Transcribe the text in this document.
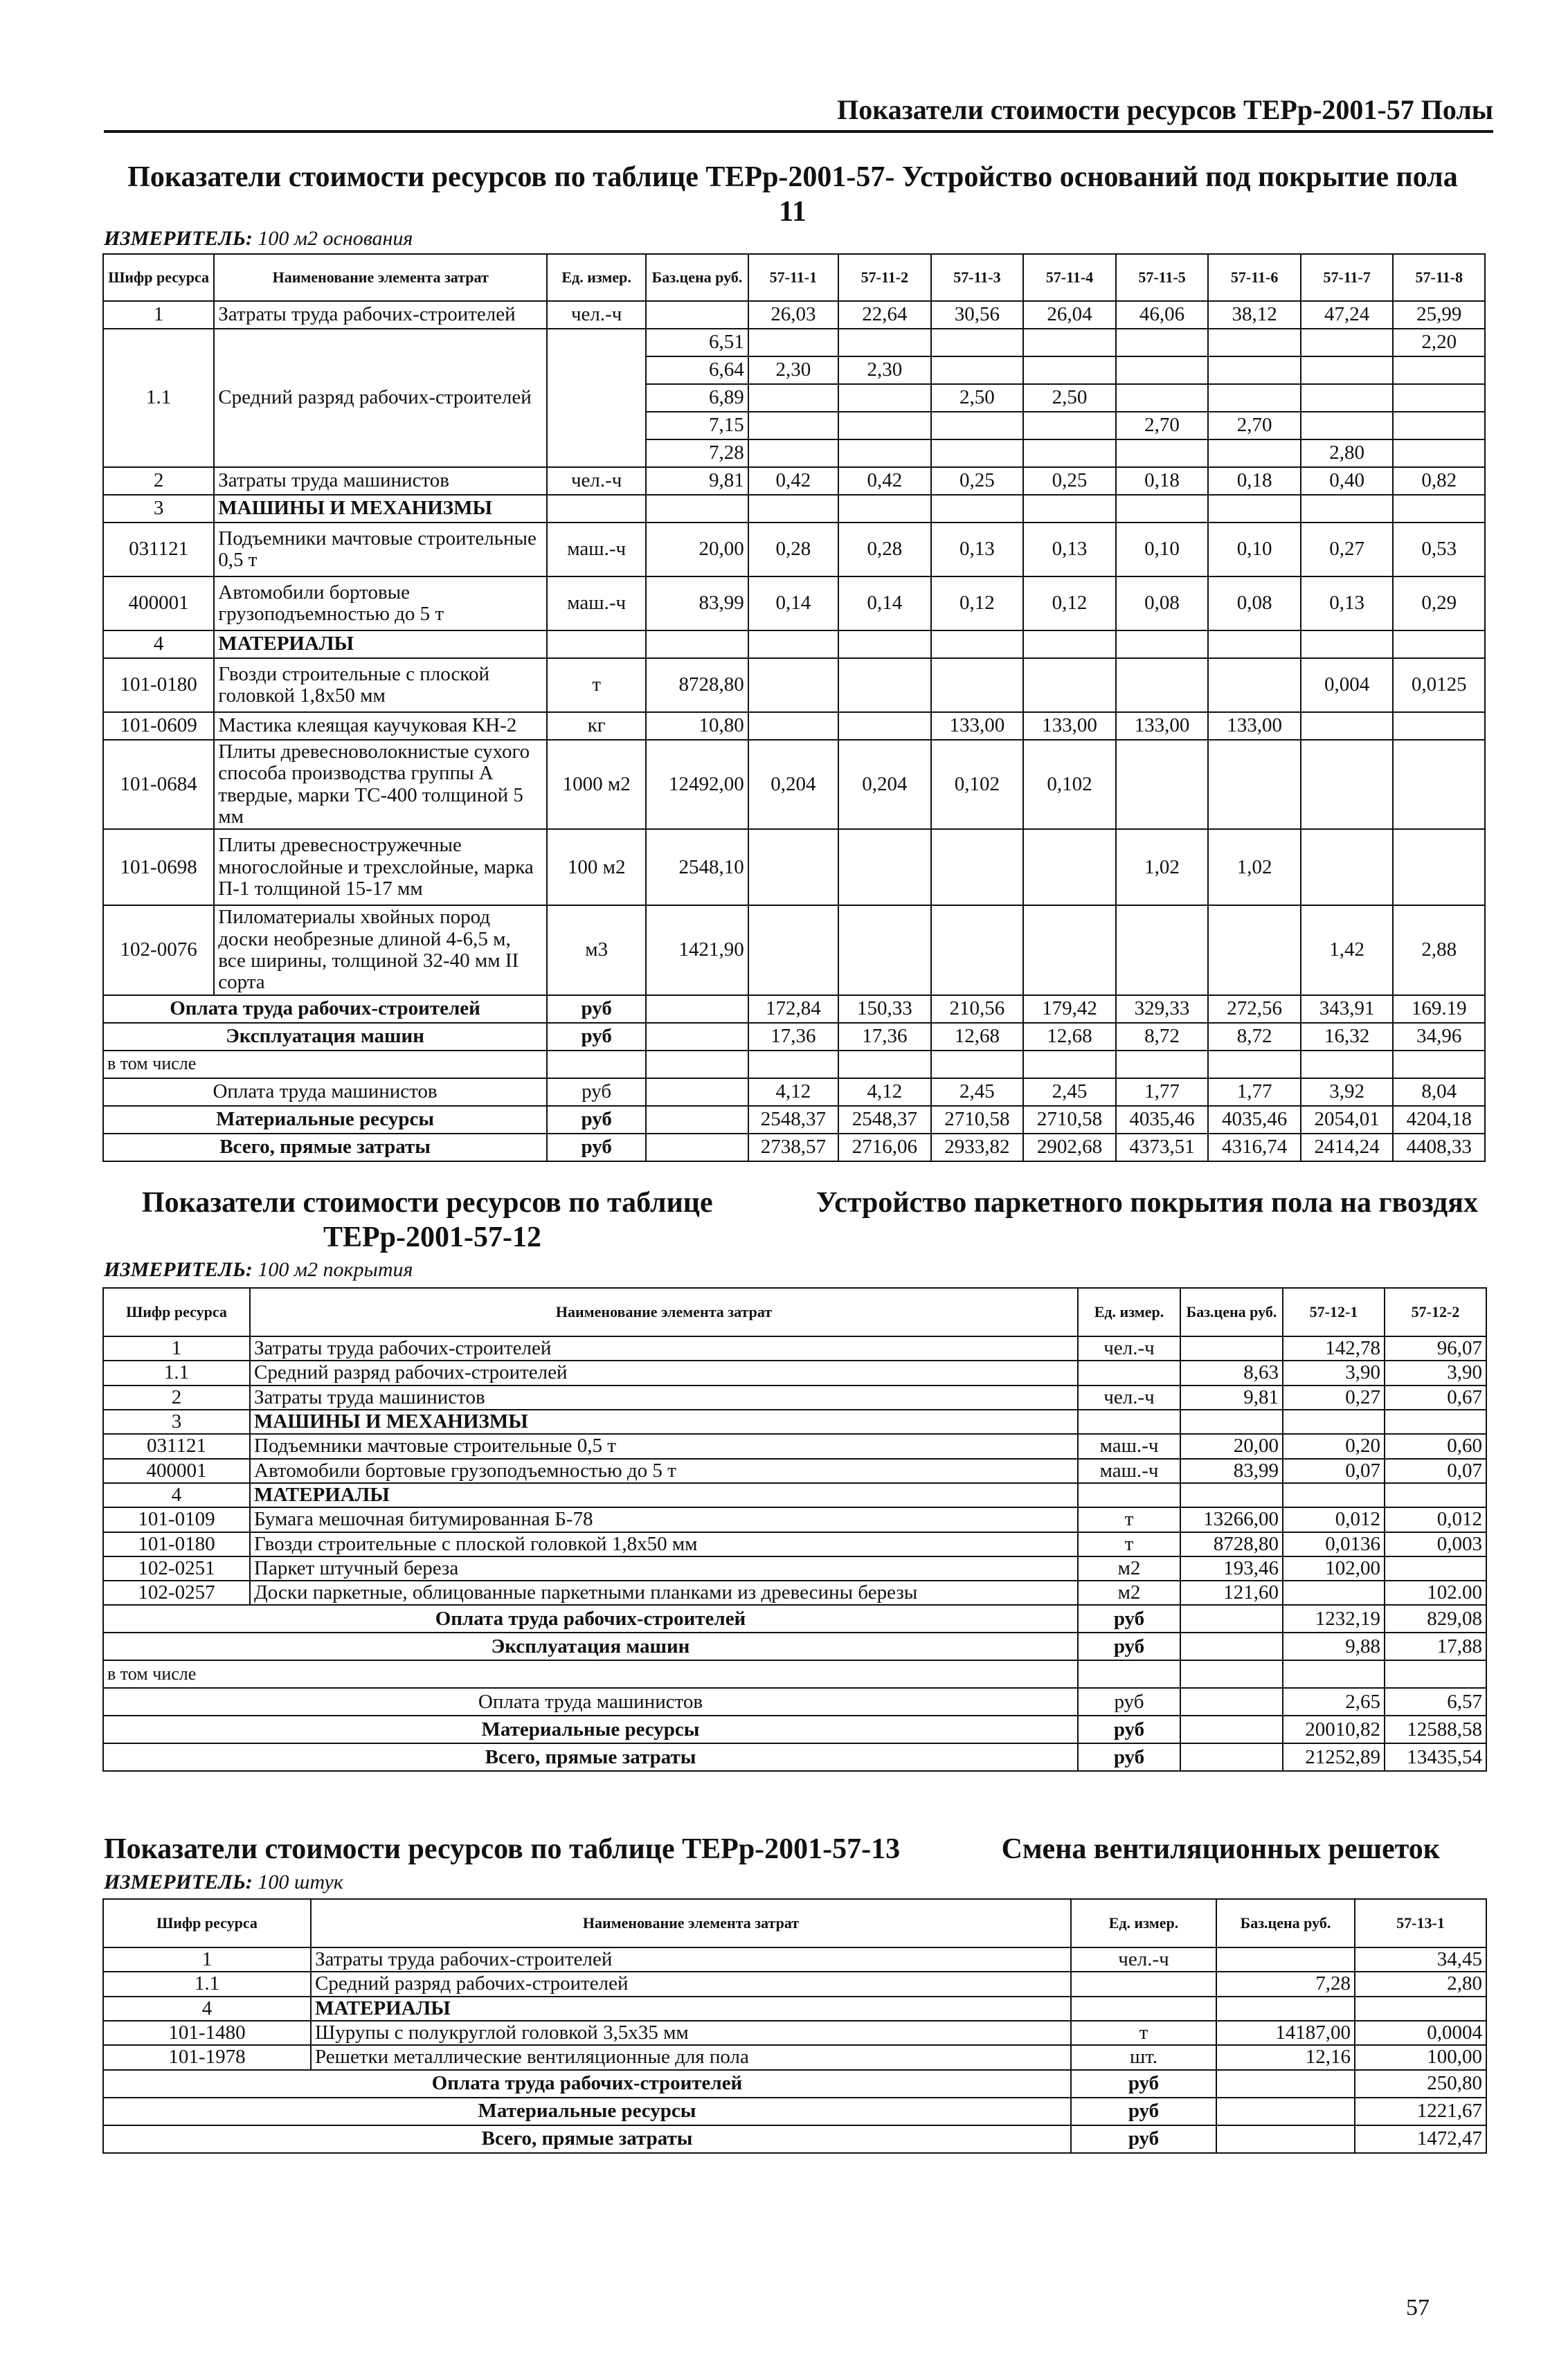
Показатели стоимости ресурсов ТЕРр-2001-57 Полы
Показатели стоимости ресурсов по таблице ТЕРр-2001-57- Устройство оснований под покрытие пола
11
ИЗМЕРИТЕЛЬ: 100 м2 основания
Шифр ресурса	Наименование элемента затрат	Ед. измер.	Баз.цена руб.	57-11-1	57-11-2	57-11-3	57-11-4	57-11-5	57-11-6	57-11-7	57-11-8
1	Затраты труда рабочих-строителей	чел.-ч		26,03	22,64	30,56	26,04	46,06	38,12	47,24	25,99
1.1	Средний разряд рабочих-строителей		6,51								2,20
			6,64	2,30	2,30						
			6,89			2,50	2,50				
			7,15					2,70	2,70		
			7,28							2,80	
2	Затраты труда машинистов	чел.-ч	9,81	0,42	0,42	0,25	0,25	0,18	0,18	0,40	0,82
3	МАШИНЫ И МЕХАНИЗМЫ										
031121	Подъемники мачтовые строительные 0,5 т	маш.-ч	20,00	0,28	0,28	0,13	0,13	0,10	0,10	0,27	0,53
400001	Автомобили бортовые грузоподъемностью до 5 т	маш.-ч	83,99	0,14	0,14	0,12	0,12	0,08	0,08	0,13	0,29
4	МАТЕРИАЛЫ										
101-0180	Гвозди строительные с плоской головкой 1,8х50 мм	т	8728,80							0,004	0,0125
101-0609	Мастика клеящая каучуковая КН-2	кг	10,80			133,00	133,00	133,00	133,00		
101-0684	Плиты древесноволокнистые сухого способа производства группы А твердые, марки ТС-400 толщиной 5 мм	1000 м2	12492,00	0,204	0,204	0,102	0,102				
101-0698	Плиты древесностружечные многослойные и трехслойные, марка П-1 толщиной 15-17 мм	100 м2	2548,10					1,02	1,02		
102-0076	Пиломатериалы хвойных пород доски необрезные длиной 4-6,5 м, все ширины, толщиной 32-40 мм II сорта	м3	1421,90							1,42	2,88
Оплата труда рабочих-строителей		руб		172,84	150,33	210,56	179,42	329,33	272,56	343,91	169.19
Эксплуатация машин		руб		17,36	17,36	12,68	12,68	8,72	8,72	16,32	34,96
в том числе											
Оплата труда машинистов		руб		4,12	4,12	2,45	2,45	1,77	1,77	3,92	8,04
Материальные ресурсы		руб		2548,37	2548,37	2710,58	2710,58	4035,46	4035,46	2054,01	4204,18
Всего, прямые затраты		руб		2738,57	2716,06	2933,82	2902,68	4373,51	4316,74	2414,24	4408,33
Показатели стоимости ресурсов по таблице	Устройство паркетного покрытия пола на гвоздях
ТЕРр-2001-57-12
ИЗМЕРИТЕЛЬ: 100 м2 покрытия
Шифр ресурса	Наименование элемента затрат	Ед. измер.	Баз.цена руб.	57-12-1	57-12-2
1	Затраты труда рабочих-строителей	чел.-ч		142,78	96,07
1.1	Средний разряд рабочих-строителей		8,63	3,90	3,90
2	Затраты труда машинистов	чел.-ч	9,81	0,27	0,67
3	МАШИНЫ И МЕХАНИЗМЫ				
031121	Подъемники мачтовые строительные 0,5 т	маш.-ч	20,00	0,20	0,60
400001	Автомобили бортовые грузоподъемностью до 5 т	маш.-ч	83,99	0,07	0,07
4	МАТЕРИАЛЫ				
101-0109	Бумага мешочная битумированная Б-78	т	13266,00	0,012	0,012
101-0180	Гвозди строительные с плоской головкой 1,8х50 мм	т	8728,80	0,0136	0,003
102-0251	Паркет штучный береза	м2	193,46	102,00	
102-0257	Доски паркетные, облицованные паркетными планками из древесины березы	м2	121,60		102.00
Оплата труда рабочих-строителей		руб		1232,19	829,08
Эксплуатация машин		руб		9,88	17,88
в том числе					
Оплата труда машинистов		руб		2,65	6,57
Материальные ресурсы		руб		20010,82	12588,58
Всего, прямые затраты		руб		21252,89	13435,54
Показатели стоимости ресурсов по таблице ТЕРр-2001-57-13	Смена вентиляционных решеток
ИЗМЕРИТЕЛЬ: 100 штук
Шифр ресурса	Наименование элемента затрат	Ед. измер.	Баз.цена руб.	57-13-1
1	Затраты труда рабочих-строителей	чел.-ч		34,45
1.1	Средний разряд рабочих-строителей		7,28	2,80
4	МАТЕРИАЛЫ			
101-1480	Шурупы с полукруглой головкой 3,5х35 мм	т	14187,00	0,0004
101-1978	Решетки металлические вентиляционные для пола	шт.	12,16	100,00
Оплата труда рабочих-строителей		руб		250,80
Материальные ресурсы		руб		1221,67
Всего, прямые затраты		руб		1472,47
57
